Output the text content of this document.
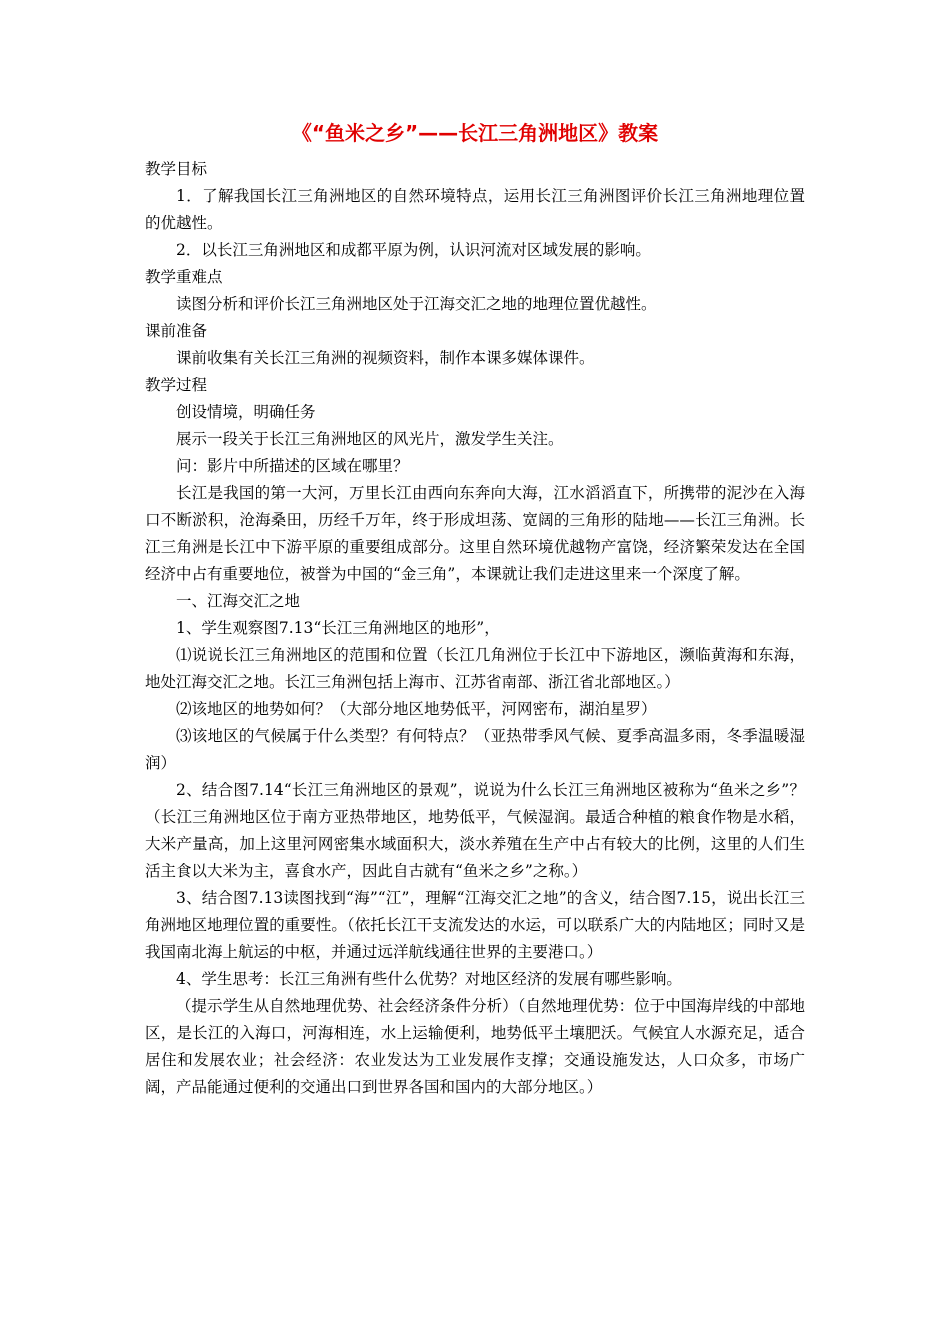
《“鱼米之乡”——长江三角洲地区》教案

教学目标

1．了解我国长江三角洲地区的自然环境特点，运用长江三角洲图评价长江三角洲地理位置的优越性。

2．以长江三角洲地区和成都平原为例，认识河流对区域发展的影响。

教学重难点

读图分析和评价长江三角洲地区处于江海交汇之地的地理位置优越性。

课前准备

课前收集有关长江三角洲的视频资料，制作本课多媒体课件。

教学过程

创设情境，明确任务

展示一段关于长江三角洲地区的风光片，激发学生关注。

问：影片中所描述的区域在哪里？

长江是我国的第一大河，万里长江由西向东奔向大海，江水滔滔直下，所携带的泥沙在入海口不断淤积，沧海桑田，历经千万年，终于形成坦荡、宽阔的三角形的陆地——长江三角洲。长江三角洲是长江中下游平原的重要组成部分。这里自然环境优越物产富饶，经济繁荣发达在全国经济中占有重要地位，被誉为中国的“金三角”，本课就让我们走进这里来一个深度了解。

一、江海交汇之地

1、学生观察图7.13“长江三角洲地区的地形”，

⑴说说长江三角洲地区的范围和位置（长江几角洲位于长江中下游地区，濒临黄海和东海，地处江海交汇之地。长江三角洲包括上海市、江苏省南部、浙江省北部地区。）

⑵该地区的地势如何？（大部分地区地势低平，河网密布，湖泊星罗）

⑶该地区的气候属于什么类型？有何特点？（亚热带季风气候、夏季高温多雨，冬季温暖湿润）

2、结合图7.14“长江三角洲地区的景观”，说说为什么长江三角洲地区被称为“鱼米之乡”？（长江三角洲地区位于南方亚热带地区，地势低平，气候湿润。最适合种植的粮食作物是水稻，大米产量高，加上这里河网密集水域面积大，淡水养殖在生产中占有较大的比例，这里的人们生活主食以大米为主，喜食水产，因此自古就有“鱼米之乡”之称。）

3、结合图7.13读图找到“海”“江”，理解“江海交汇之地”的含义，结合图7.15，说出长江三角洲地区地理位置的重要性。（依托长江干支流发达的水运，可以联系广大的内陆地区；同时又是我国南北海上航运的中枢，并通过远洋航线通往世界的主要港口。）

4、学生思考：长江三角洲有些什么优势？对地区经济的发展有哪些影响。

（提示学生从自然地理优势、社会经济条件分析）（自然地理优势：位于中国海岸线的中部地区，是长江的入海口，河海相连，水上运输便利，地势低平土壤肥沃。气候宜人水源充足，适合居住和发展农业；社会经济：农业发达为工业发展作支撑；交通设施发达，人口众多，市场广阔，产品能通过便利的交通出口到世界各国和国内的大部分地区。）
